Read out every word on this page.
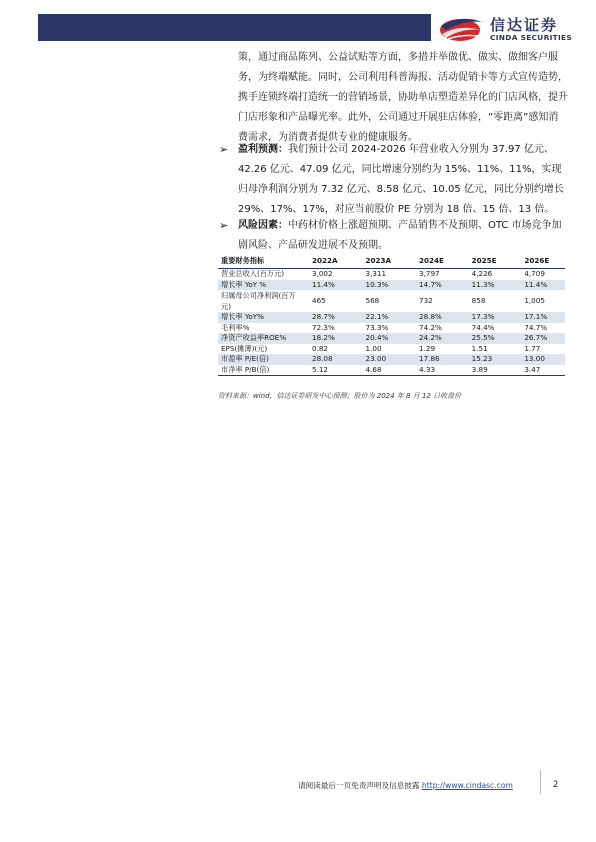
信达证券
CINDA SECURITIES

策，通过商品陈列、公益试贴等方面，多措并举做优、做实、做细客户服务，为终端赋能。同时，公司利用科普海报、活动促销卡等方式宣传造势，携手连锁终端打造统一的营销场景，协助单店塑造差异化的门店风格，提升门店形象和产品曝光率。此外，公司通过开展驻店体验，“零距离”感知消费需求，为消费者提供专业的健康服务。

➢ 盈利预测：我们预计公司 2024-2026 年营业收入分别为 37.97 亿元、42.26 亿元、47.09 亿元，同比增速分别约为 15%、11%、11%，实现归母净利润分别为 7.32 亿元、8.58 亿元、10.05 亿元，同比分别约增长 29%、17%、17%，对应当前股价 PE 分别为 18 倍、15 倍、13 倍。

➢ 风险因素：中药材价格上涨超预期、产品销售不及预期、OTC 市场竞争加剧风险、产品研发进展不及预期。

重要财务指标	2022A	2023A	2024E	2025E	2026E
营业总收入(百万元)	3,002	3,311	3,797	4,226	4,709
增长率 YoY %	11.4%	10.3%	14.7%	11.3%	11.4%
归属母公司净利润(百万元)	465	568	732	858	1,005
增长率 YoY%	28.7%	22.1%	28.8%	17.3%	17.1%
毛利率%	72.3%	73.3%	74.2%	74.4%	74.7%
净资产收益率ROE%	18.2%	20.4%	24.2%	25.5%	26.7%
EPS(摊薄)(元)	0.82	1.00	1.29	1.51	1.77
市盈率 P/E(倍)	28.08	23.00	17.86	15.23	13.00
市净率 P/B(倍)	5.12	4.68	4.33	3.89	3.47
资料来源：wind，信达证券研发中心预测；股价为 2024 年 8 月 12 日收盘价
请阅读最后一页免责声明及信息披露 http://www.cindasc.com	2
